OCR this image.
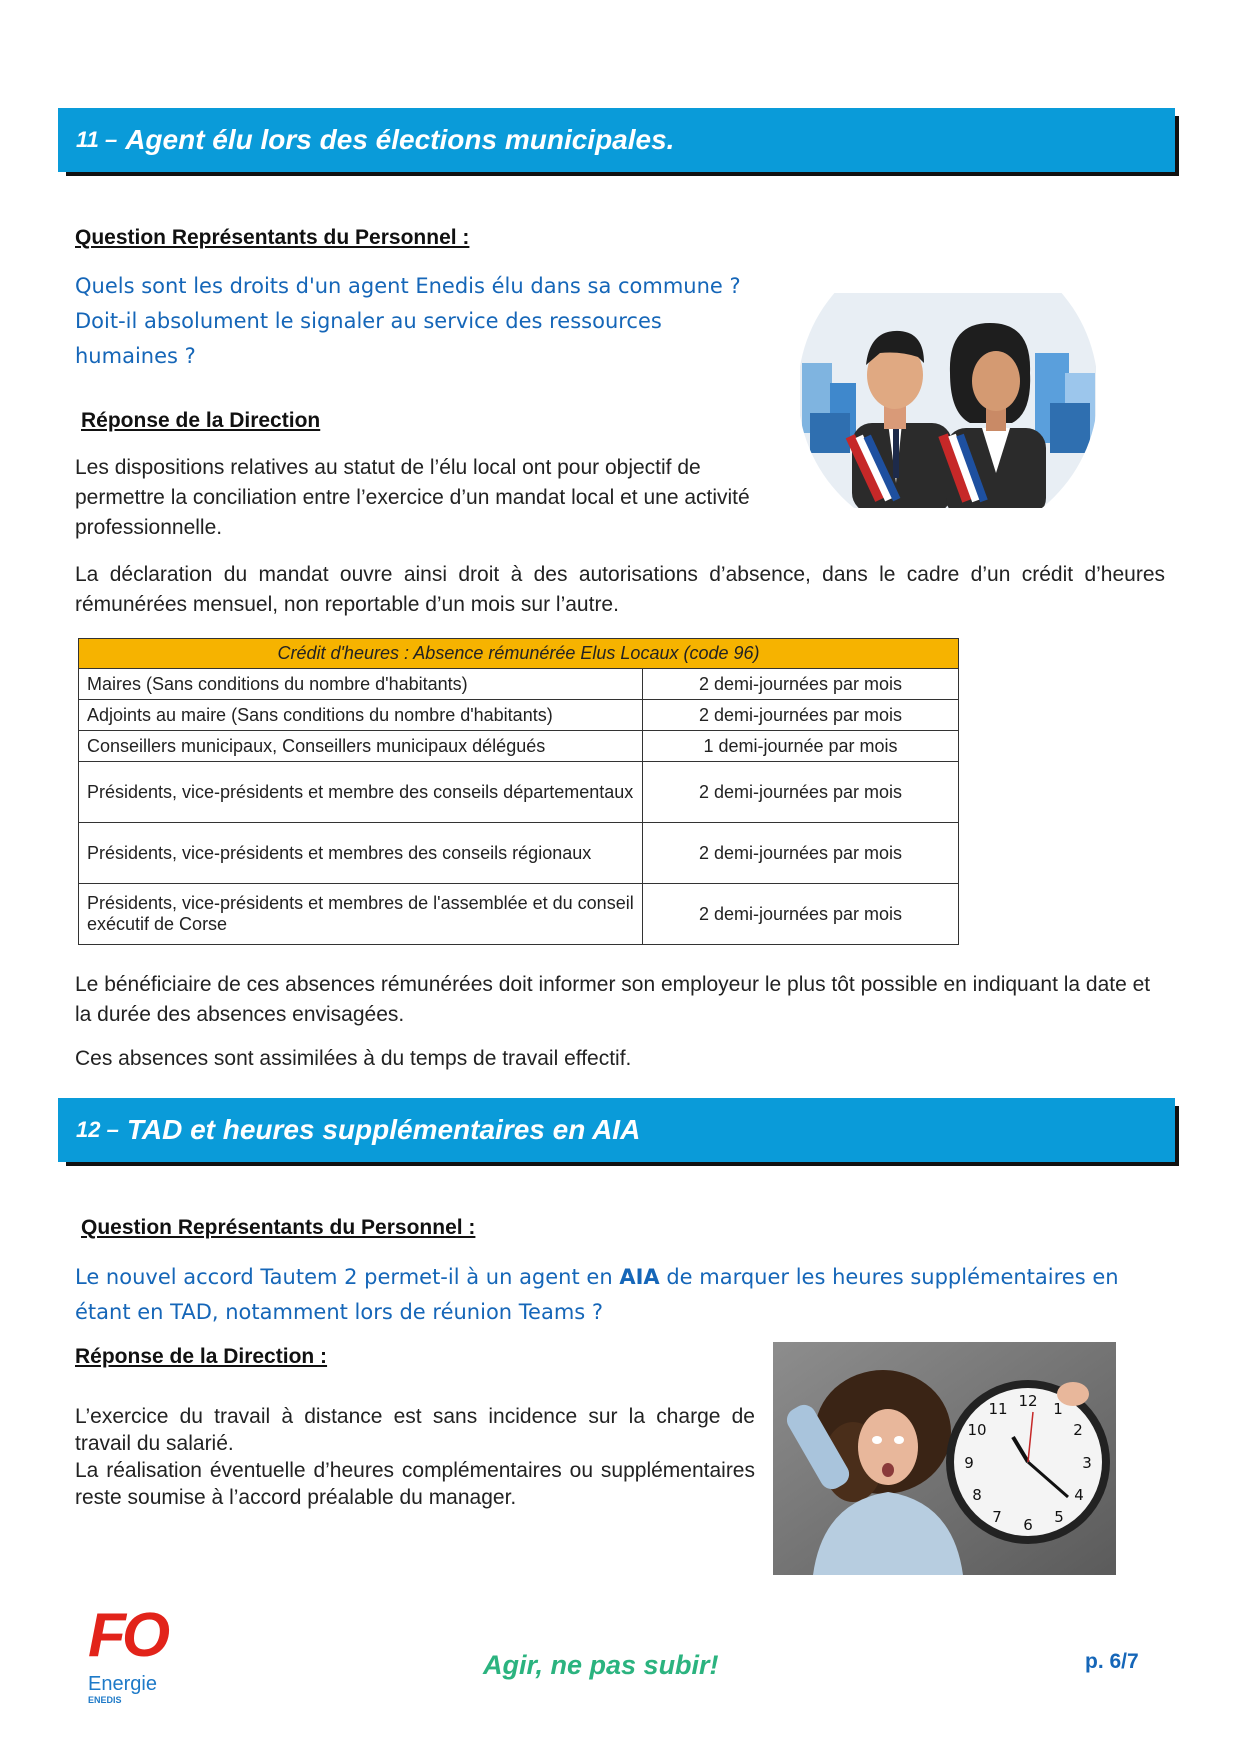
11 – Agent élu lors des élections municipales.
Question Représentants du Personnel :
Quels sont les droits d'un agent Enedis élu dans sa commune ?
Doit-il absolument le signaler au service des ressources
humaines ?
Réponse de la Direction
Les dispositions relatives au statut de l’élu local ont pour objectif de permettre la conciliation entre l’exercice d’un mandat local et une activité professionnelle.
La déclaration du mandat ouvre ainsi droit à des autorisations d’absence, dans le cadre d’un crédit d’heures rémunérées mensuel, non reportable d’un mois sur l’autre.
Crédit d'heures : Absence rémunérée Elus Locaux (code 96)	
Maires (Sans conditions du nombre d'habitants)	2 demi-journées par mois
Adjoints au maire (Sans conditions du nombre d'habitants)	2 demi-journées par mois
Conseillers municipaux, Conseillers municipaux délégués	1 demi-journée par mois
Présidents, vice-présidents et membre des conseils départementaux	2 demi-journées par mois
Présidents, vice-présidents et membres des conseils régionaux	2 demi-journées par mois
Présidents, vice-présidents et membres de l'assemblée et du conseil exécutif de Corse	2 demi-journées par mois
Le bénéficiaire de ces absences rémunérées doit informer son employeur le plus tôt possible en indiquant la date et la durée des absences envisagées.
Ces absences sont assimilées à du temps de travail effectif.
12 – TAD et heures supplémentaires en AIA
Question Représentants du Personnel :
Le nouvel accord Tautem 2 permet-il à un agent en AIA de marquer les heures supplémentaires en étant en TAD, notamment lors de réunion Teams ?
Réponse de la Direction :
L’exercice du travail à distance est sans incidence sur la charge de travail du salarié.
La réalisation éventuelle d’heures complémentaires ou supplémentaires reste soumise à l’accord préalable du manager.
12 1
2
3
4
5
6
7
8
9
10
11
FO
Energie
ENEDIS
Agir, ne pas subir!	p. 6/7
